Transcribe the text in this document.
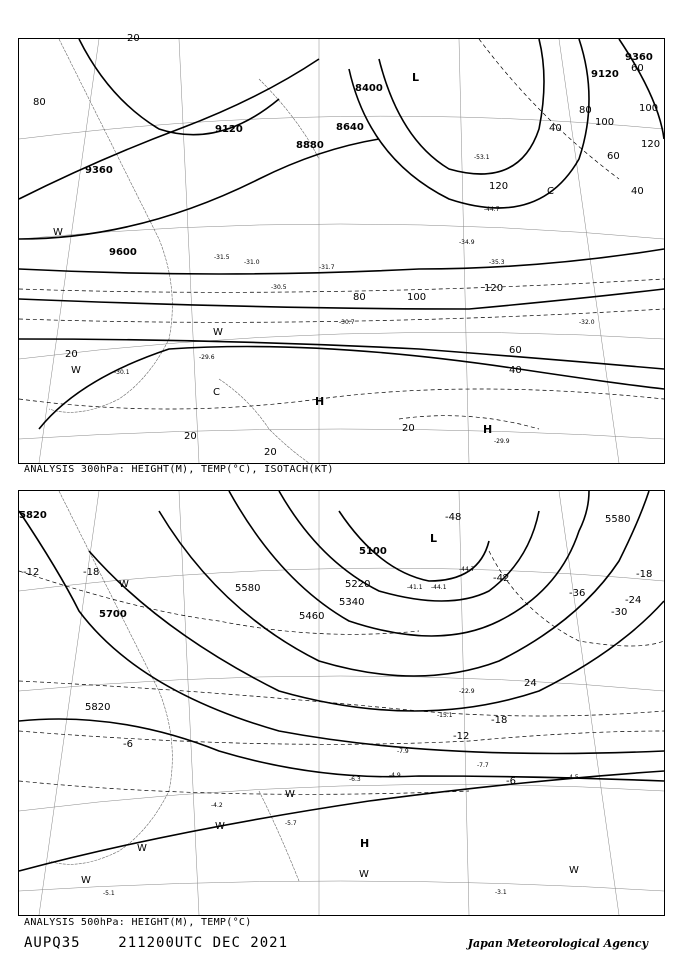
9360
9120
8880
8640
8400
9600
9360
9120
80
100
120
60
40
20
20
20
20
40
60
80	100
120
80
100
120
60
40
20
L
C
W
W
C
H
H
W
-31.5
-31.0
-30.5
-29.6
-30.1
-30.7
-35.3
-31.7
-32.0
-34.9
-44.7
-53.1
-29.9
ANALYSIS 300hPa: HEIGHT(M), TEMP(°C), ISOTACH(KT)
5820
5700
5580
5460
5340
5220
5100
5580
5820
-48
-42
-36
-30
-24
-18
-12
-6
24
-18
-12
-6
-18
L
W
W
W
H
W	W
W
W
-44.7
-41.1 -44.1
-22.9
-15.1
-7.9
-4.9
-7.7
-4.5
-3.1
-5.7
-4.2
-5.1
-6.3
ANALYSIS 500hPa: HEIGHT(M), TEMP(°C)
AUPQ35	211200UTC DEC 2021	Japan Meteorological Agency
